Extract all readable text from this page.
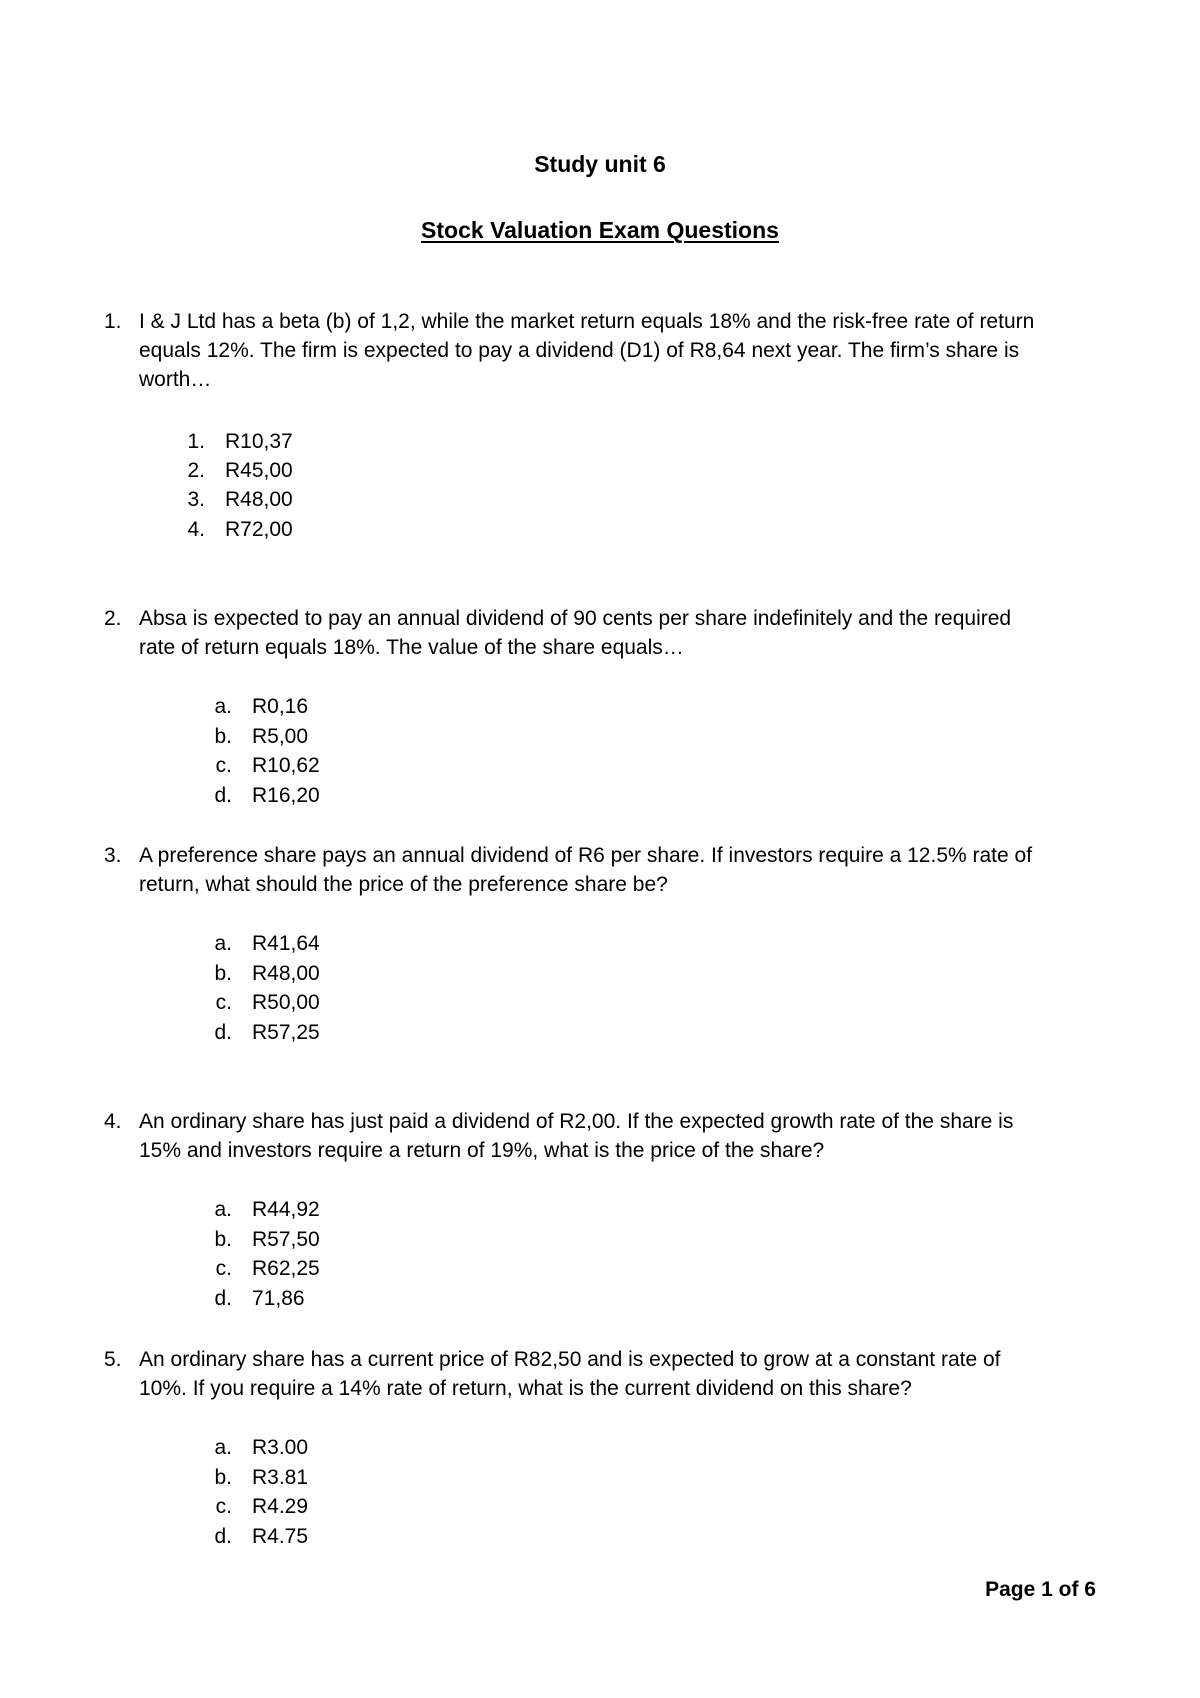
Study unit 6
Stock Valuation Exam Questions
1. I & J Ltd has a beta (b) of 1,2, while the market return equals 18% and the risk-free rate of return
equals 12%. The firm is expected to pay a dividend (D1) of R8,64 next year. The firm’s share is
worth…
1. R10,37
2. R45,00
3. R48,00
4. R72,00
2. Absa is expected to pay an annual dividend of 90 cents per share indefinitely and the required
rate of return equals 18%. The value of the share equals…
a. R0,16
b. R5,00
c. R10,62
d. R16,20
3. A preference share pays an annual dividend of R6 per share. If investors require a 12.5% rate of
return, what should the price of the preference share be?
a. R41,64
b. R48,00
c. R50,00
d. R57,25
4. An ordinary share has just paid a dividend of R2,00. If the expected growth rate of the share is
15% and investors require a return of 19%, what is the price of the share?
a. R44,92
b. R57,50
c. R62,25
d. 71,86
5. An ordinary share has a current price of R82,50 and is expected to grow at a constant rate of
10%. If you require a 14% rate of return, what is the current dividend on this share?
a. R3.00
b. R3.81
c. R4.29
d. R4.75
Page 1 of 6
